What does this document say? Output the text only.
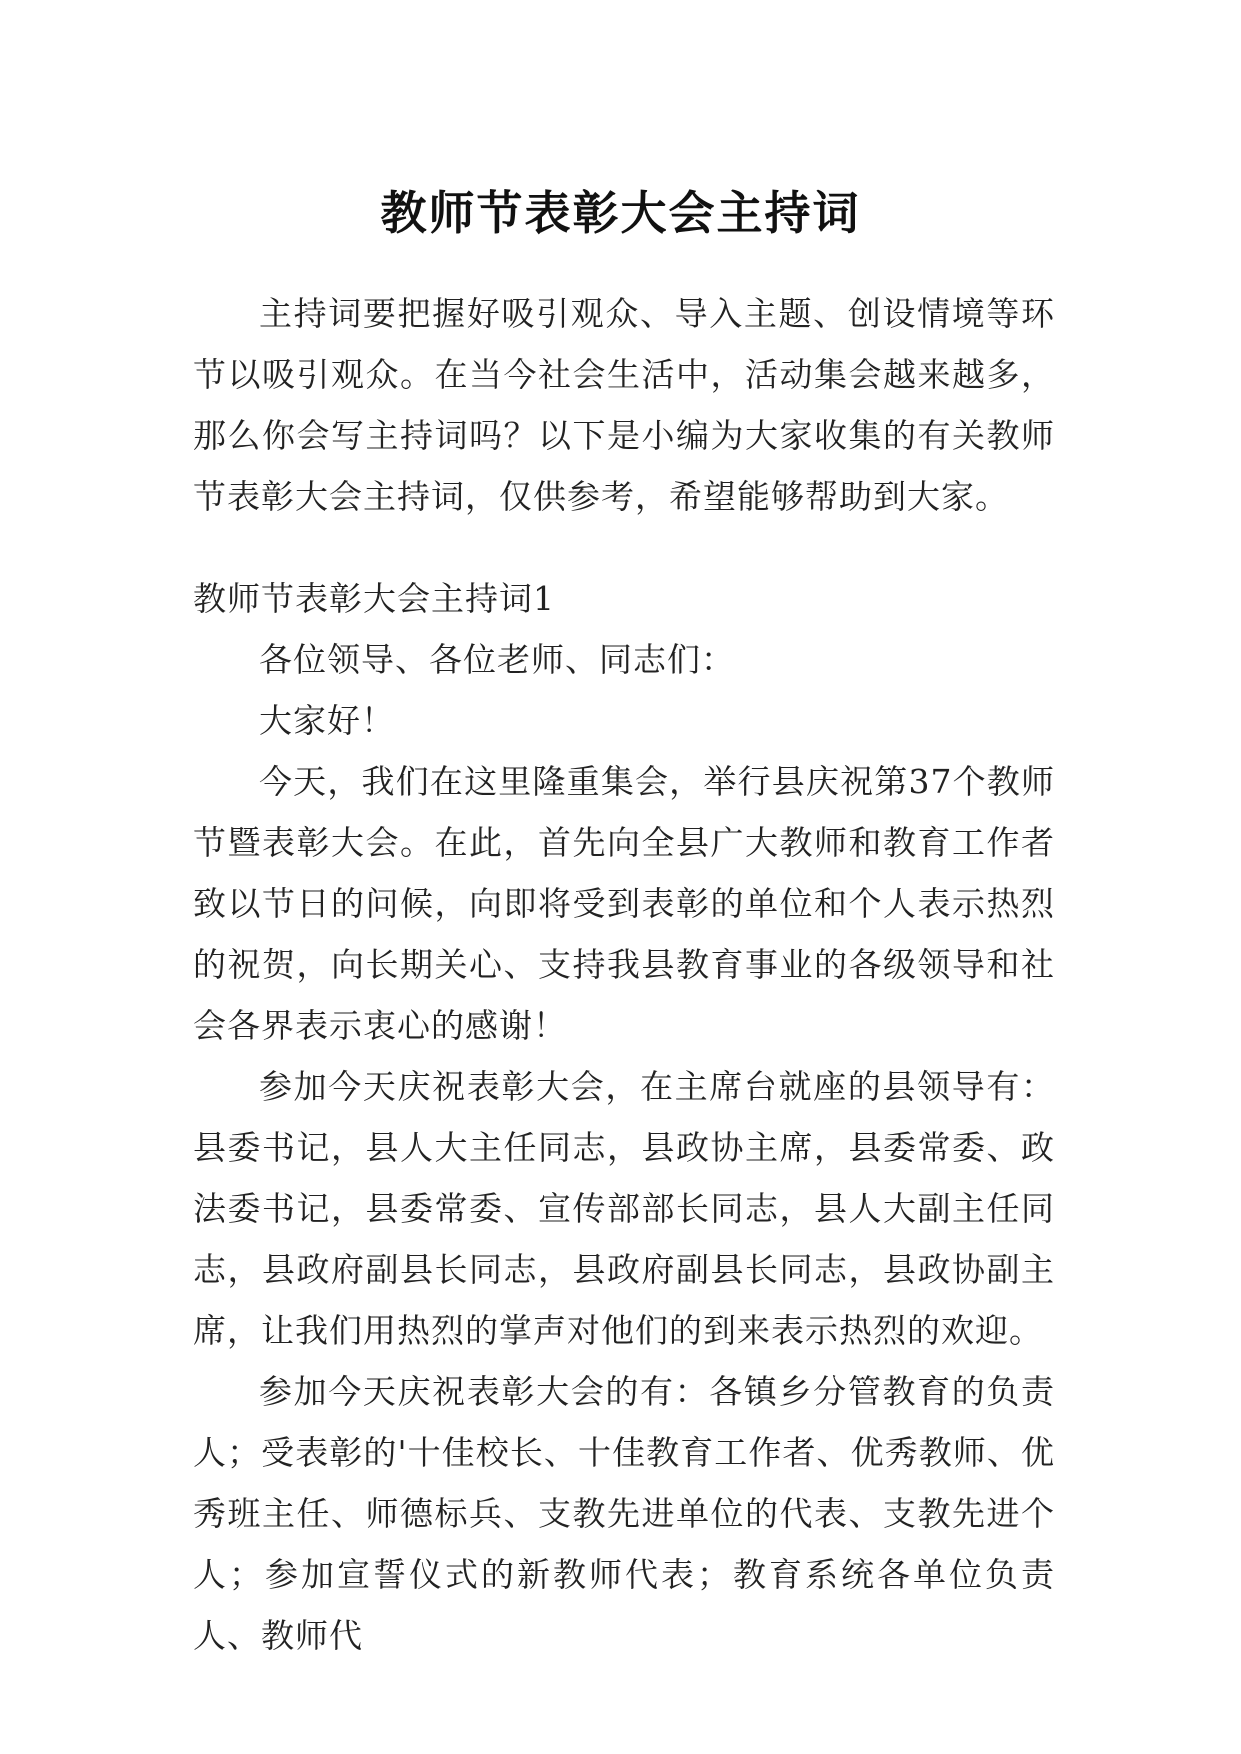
教师节表彰大会主持词

主持词要把握好吸引观众、导入主题、创设情境等环节以吸引观众。在当今社会生活中，活动集会越来越多，那么你会写主持词吗？以下是小编为大家收集的有关教师节表彰大会主持词，仅供参考，希望能够帮助到大家。

教师节表彰大会主持词1

各位领导、各位老师、同志们：

大家好！

今天，我们在这里隆重集会，举行县庆祝第37个教师节暨表彰大会。在此，首先向全县广大教师和教育工作者致以节日的问候，向即将受到表彰的单位和个人表示热烈的祝贺，向长期关心、支持我县教育事业的各级领导和社会各界表示衷心的感谢！

参加今天庆祝表彰大会，在主席台就座的县领导有：县委书记，县人大主任同志，县政协主席，县委常委、政法委书记，县委常委、宣传部部长同志，县人大副主任同志，县政府副县长同志，县政府副县长同志，县政协副主席，让我们用热烈的掌声对他们的到来表示热烈的欢迎。

参加今天庆祝表彰大会的有：各镇乡分管教育的负责人；受表彰的'十佳校长、十佳教育工作者、优秀教师、优秀班主任、师德标兵、支教先进单位的代表、支教先进个人；参加宣誓仪式的新教师代表；教育系统各单位负责人、教师代
